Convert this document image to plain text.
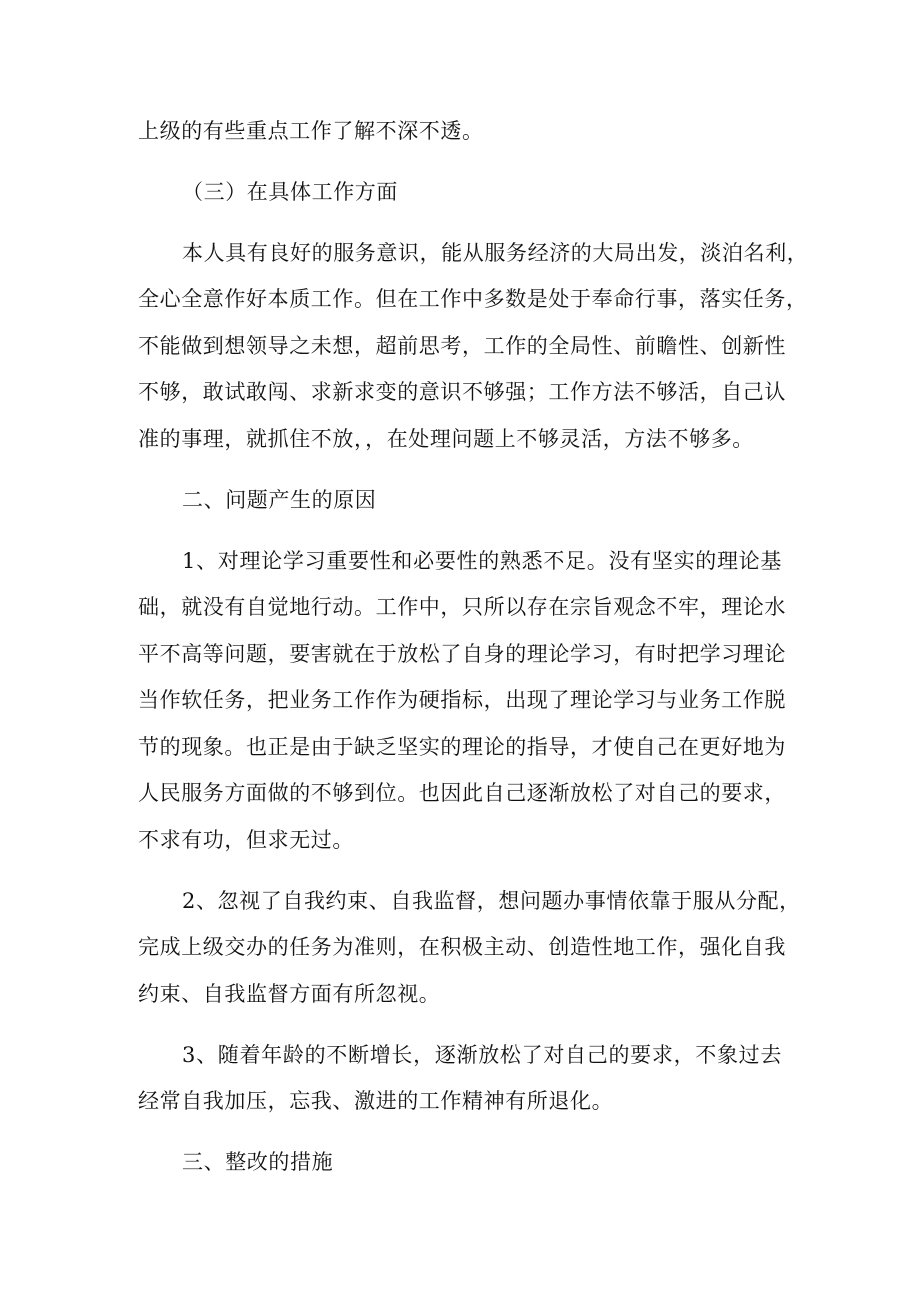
上级的有些重点工作了解不深不透。
（三）在具体工作方面
本人具有良好的服务意识，能从服务经济的大局出发，淡泊名利，
全心全意作好本质工作。但在工作中多数是处于奉命行事，落实任务，
不能做到想领导之未想，超前思考，工作的全局性、前瞻性、创新性
不够，敢试敢闯、求新求变的意识不够强；工作方法不够活，自己认
准的事理，就抓住不放，，在处理问题上不够灵活，方法不够多。
二、问题产生的原因
1、对理论学习重要性和必要性的熟悉不足。没有坚实的理论基
础，就没有自觉地行动。工作中，只所以存在宗旨观念不牢，理论水
平不高等问题，要害就在于放松了自身的理论学习，有时把学习理论
当作软任务，把业务工作作为硬指标，出现了理论学习与业务工作脱
节的现象。也正是由于缺乏坚实的理论的指导，才使自己在更好地为
人民服务方面做的不够到位。也因此自己逐渐放松了对自己的要求，
不求有功，但求无过。
2、忽视了自我约束、自我监督，想问题办事情依靠于服从分配，
完成上级交办的任务为准则，在积极主动、创造性地工作，强化自我
约束、自我监督方面有所忽视。
3、随着年龄的不断增长，逐渐放松了对自己的要求，不象过去
经常自我加压，忘我、激进的工作精神有所退化。
三、整改的措施
